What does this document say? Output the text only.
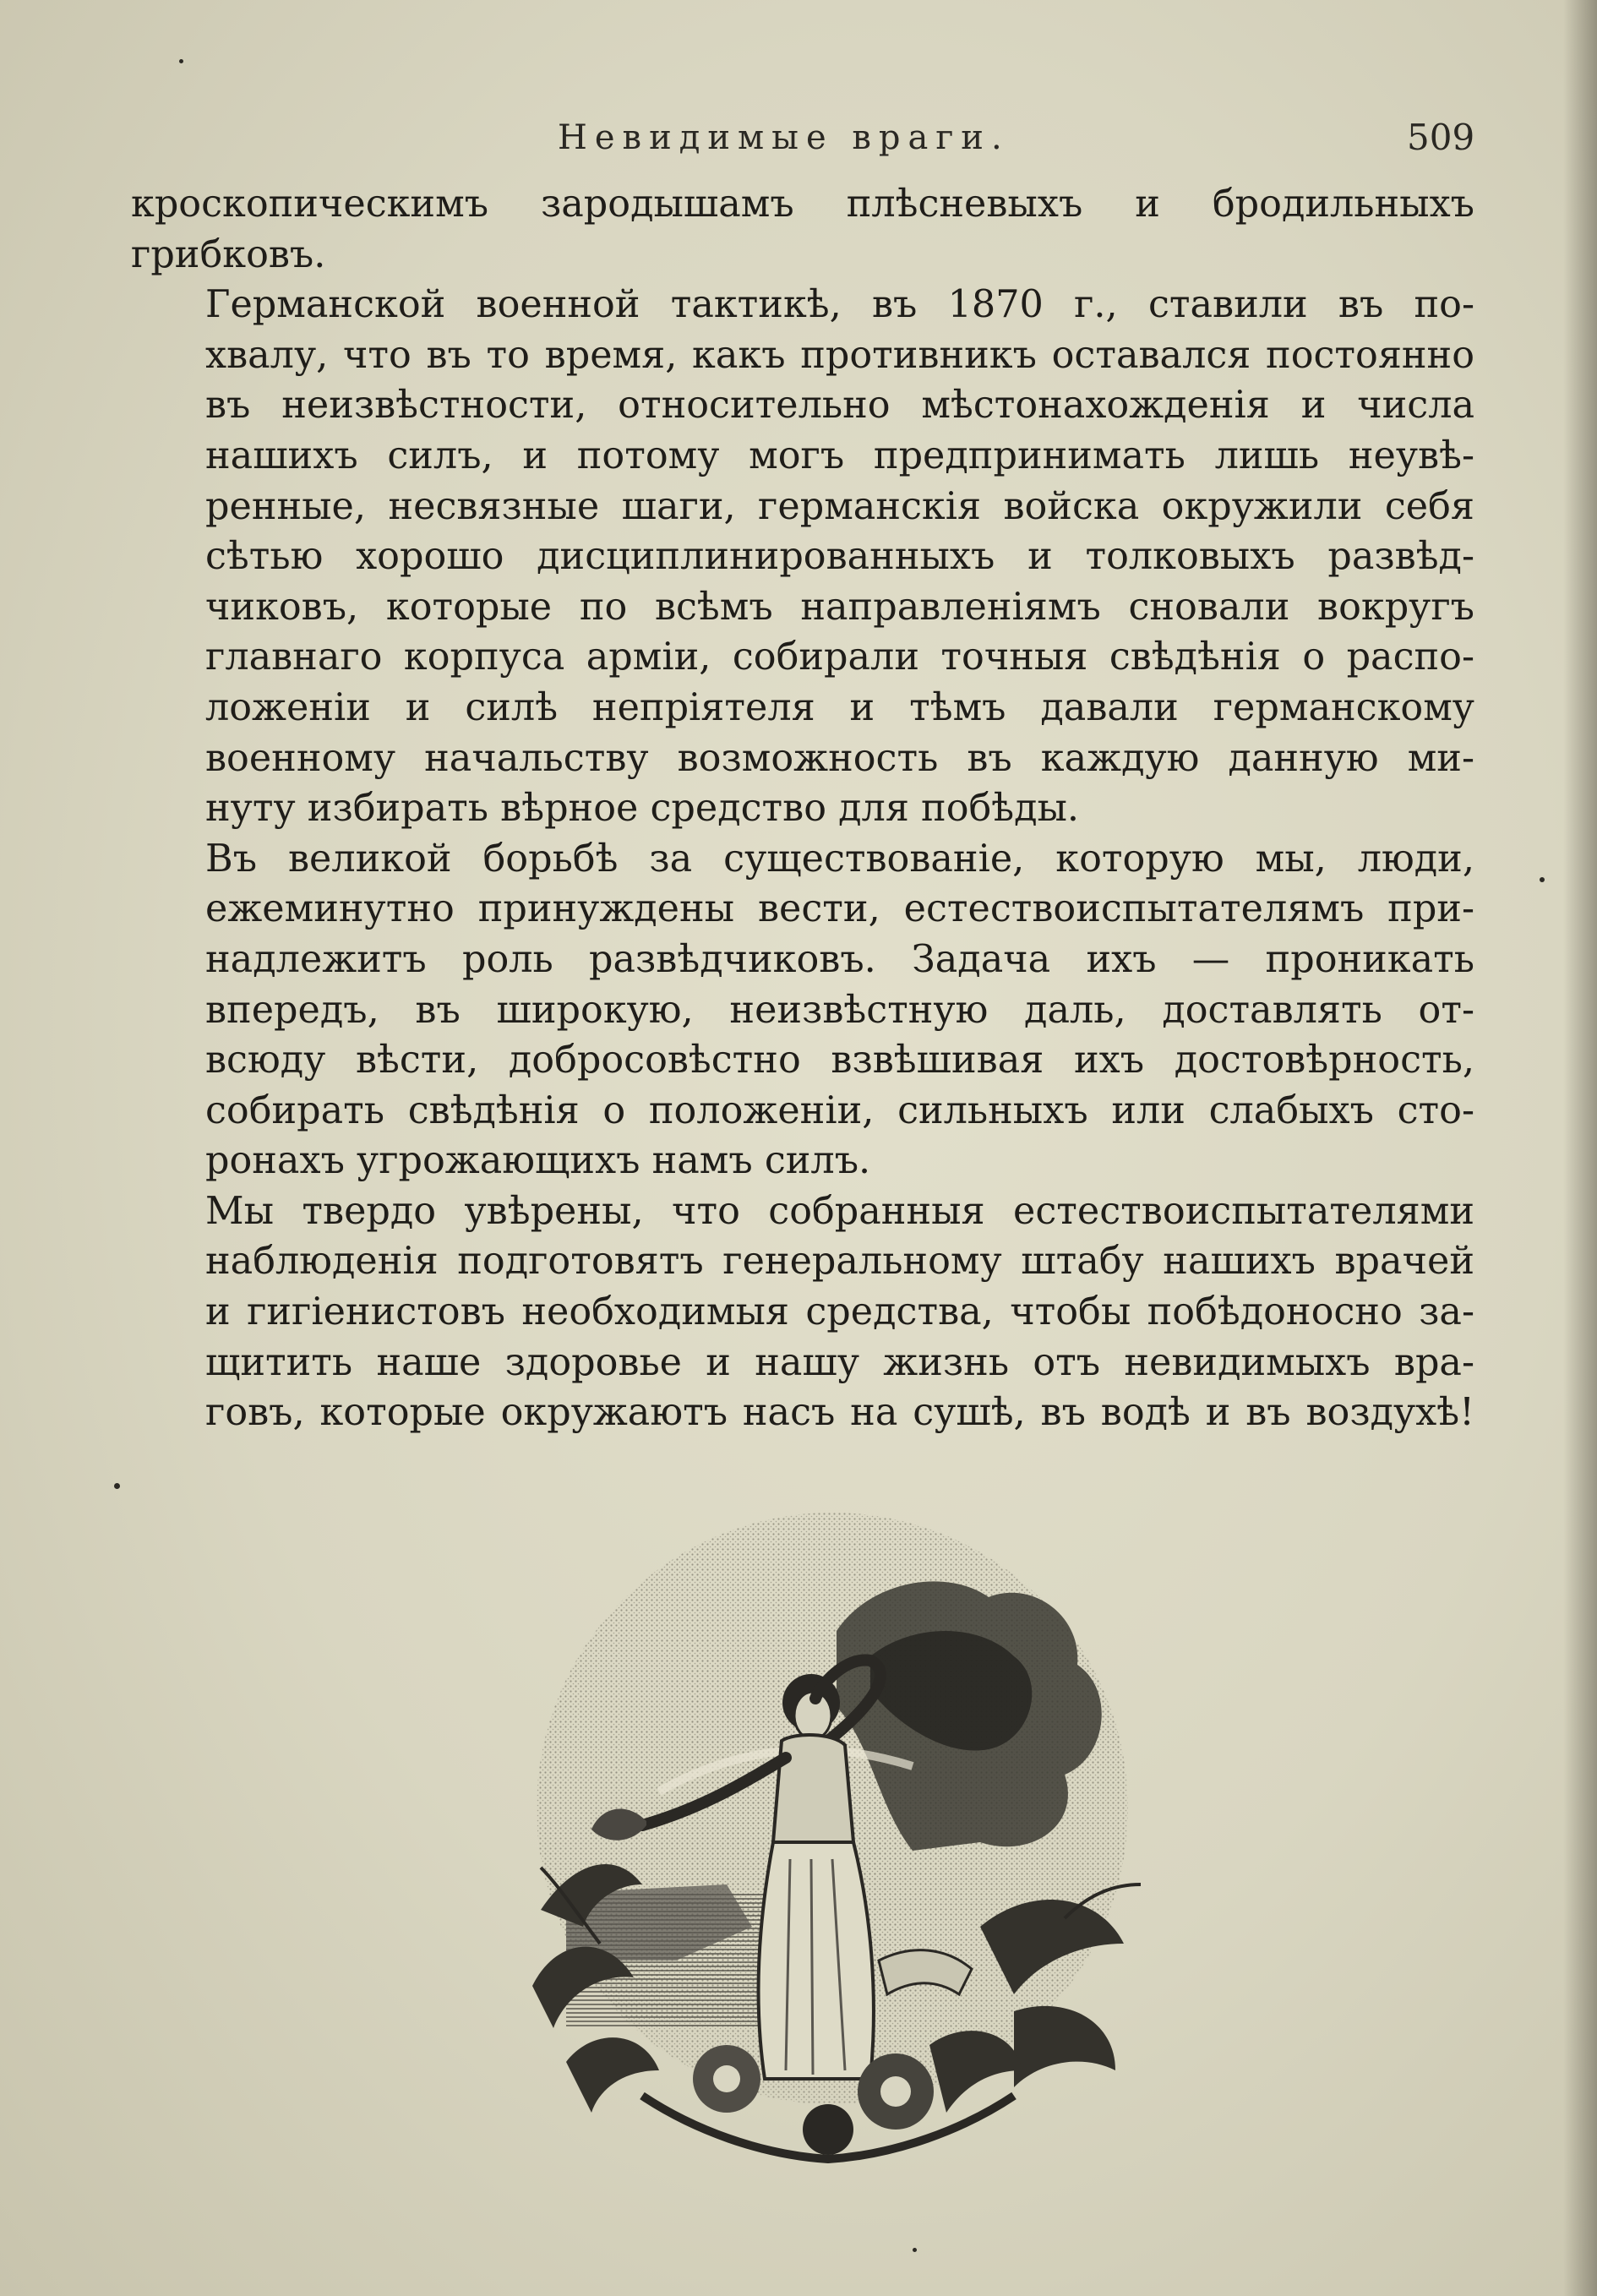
Невидимые враги.	509

кроскопическимъ зародышамъ плѣсневыхъ и бродильныхъ
грибковъ.

Германской военной тактикѣ, въ 1870 г., ставили въ по-
хвалу, что въ то время, какъ противникъ оставался постоянно
въ неизвѣстности, относительно мѣстонахожденія и числа
нашихъ силъ, и потому могъ предпринимать лишь неувѣ-
ренные, несвязные шаги, германскія войска окружили себя
сѣтью хорошо дисциплинированныхъ и толковыхъ развѣд-
чиковъ, которые по всѣмъ направленіямъ сновали вокругъ
главнаго корпуса арміи, собирали точныя свѣдѣнія о распо-
ложеніи и силѣ непріятеля и тѣмъ давали германскому
военному начальству возможность въ каждую данную ми-
нуту избирать вѣрное средство для побѣды.

Въ великой борьбѣ за существованіе, которую мы, люди,
ежеминутно принуждены вести, естествоиспытателямъ при-
надлежитъ роль развѣдчиковъ. Задача ихъ — проникать
впередъ, въ широкую, неизвѣстную даль, доставлять от-
всюду вѣсти, добросовѣстно взвѣшивая ихъ достовѣрность,
собирать свѣдѣнія о положеніи, сильныхъ или слабыхъ сто-
ронахъ угрожающихъ намъ силъ.

Мы твердо увѣрены, что собранныя естествоиспытателями
наблюденія подготовятъ генеральному штабу нашихъ врачей
и гигіенистовъ необходимыя средства, чтобы побѣдоносно за-
щитить наше здоровье и нашу жизнь отъ невидимыхъ вра-
говъ, которые окружаютъ насъ на сушѣ, въ водѣ и въ воздухѣ!
